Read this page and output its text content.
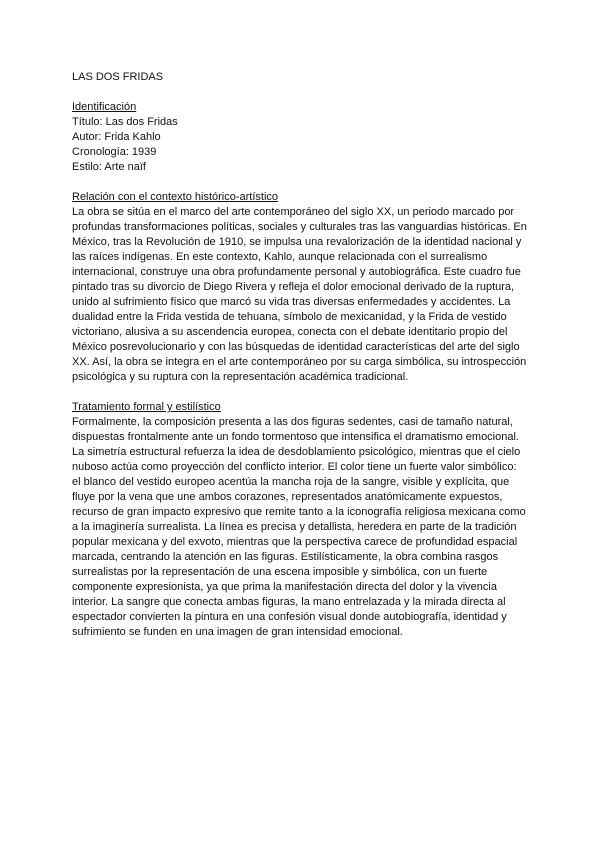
LAS DOS FRIDAS

Identificación

Título: Las dos Fridas

Autor: Frida Kahlo

Cronología: 1939

Estilo: Arte naïf

Relación con el contexto histórico-artístico

La obra se sitúa en el marco del arte contemporáneo del siglo XX, un periodo marcado por profundas transformaciones políticas, sociales y culturales tras las vanguardias históricas. En México, tras la Revolución de 1910, se impulsa una revalorización de la identidad nacional y las raíces indígenas. En este contexto, Kahlo, aunque relacionada con el surrealismo internacional, construye una obra profundamente personal y autobiográfica. Este cuadro fue pintado tras su divorcio de Diego Rivera y refleja el dolor emocional derivado de la ruptura, unido al sufrimiento físico que marcó su vida tras diversas enfermedades y accidentes. La dualidad entre la Frida vestida de tehuana, símbolo de mexicanidad, y la Frida de vestido victoriano, alusiva a su ascendencia europea, conecta con el debate identitario propio del México posrevolucionario y con las búsquedas de identidad características del arte del siglo XX. Así, la obra se integra en el arte contemporáneo por su carga simbólica, su introspección psicológica y su ruptura con la representación académica tradicional.

Tratamiento formal y estilístico

Formalmente, la composición presenta a las dos figuras sedentes, casi de tamaño natural, dispuestas frontalmente ante un fondo tormentoso que intensifica el dramatismo emocional. La simetría estructural refuerza la idea de desdoblamiento psicológico, mientras que el cielo nuboso actúa como proyección del conflicto interior. El color tiene un fuerte valor simbólico: el blanco del vestido europeo acentúa la mancha roja de la sangre, visible y explícita, que fluye por la vena que une ambos corazones, representados anatómicamente expuestos, recurso de gran impacto expresivo que remite tanto a la iconografía religiosa mexicana como a la imaginería surrealista. La línea es precisa y detallista, heredera en parte de la tradición popular mexicana y del exvoto, mientras que la perspectiva carece de profundidad espacial marcada, centrando la atención en las figuras. Estilísticamente, la obra combina rasgos surrealistas por la representación de una escena imposible y simbólica, con un fuerte componente expresionista, ya que prima la manifestación directa del dolor y la vivencia interior. La sangre que conecta ambas figuras, la mano entrelazada y la mirada directa al espectador convierten la pintura en una confesión visual donde autobiografía, identidad y sufrimiento se funden en una imagen de gran intensidad emocional.
